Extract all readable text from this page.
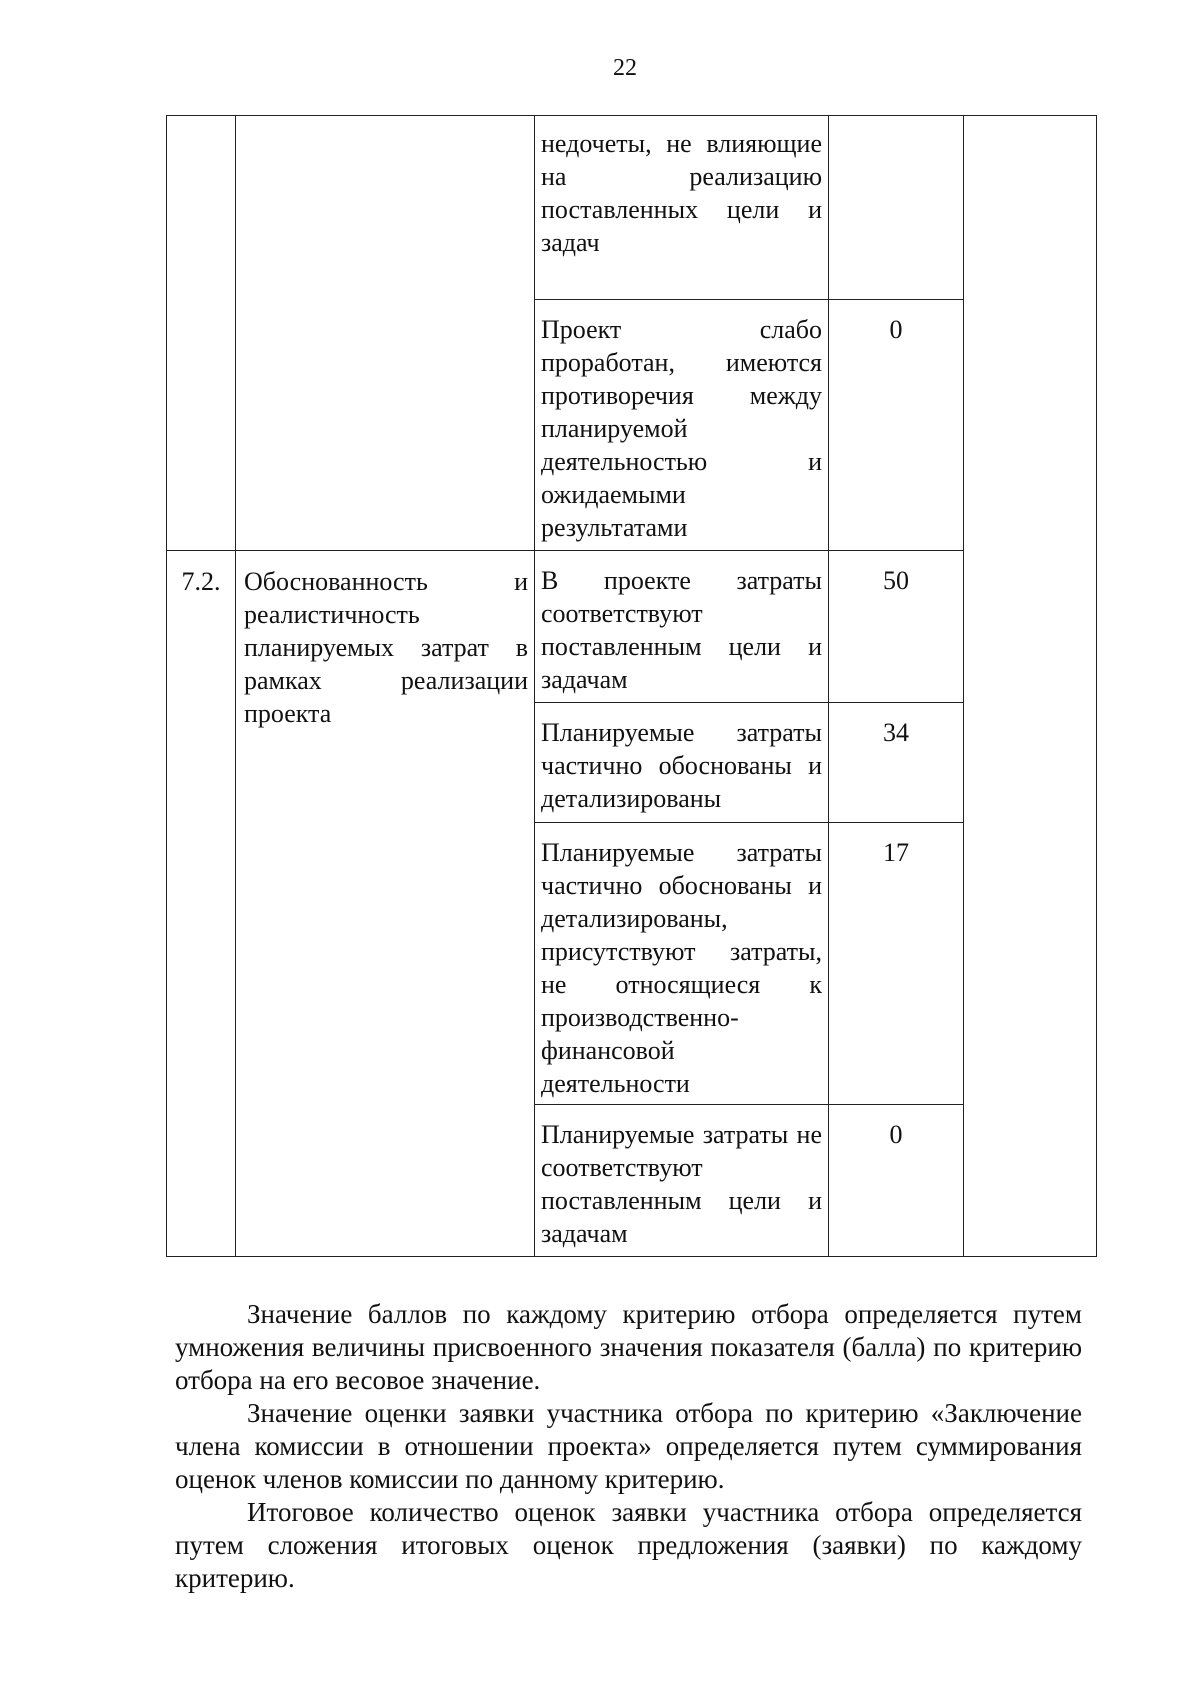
22
		недочеты, не влияющие на реализацию поставленных цели и задач		
		Проект слабо проработан, имеются противоречия между планируемой деятельностью и ожидаемыми результатами	0	
7.2.	Обоснованность и реалистичность планируемых затрат в рамках реализации проекта	В проекте затраты соответствуют поставленным цели и задачам	50	
		Планируемые затраты частично обоснованы и детализированы	34	
		Планируемые затраты частично обоснованы и детализированы, присутствуют затраты, не относящиеся к производственно-финансовой деятельности	17	
		Планируемые затраты не соответствуют поставленным цели и задачам	0	

Значение баллов по каждому критерию отбора определяется путем умножения величины присвоенного значения показателя (балла) по критерию отбора на его весовое значение.

Значение оценки заявки участника отбора по критерию «Заключение члена комиссии в отношении проекта» определяется путем суммирования оценок членов комиссии по данному критерию.

Итоговое количество оценок заявки участника отбора определяется путем сложения итоговых оценок предложения (заявки) по каждому критерию.
